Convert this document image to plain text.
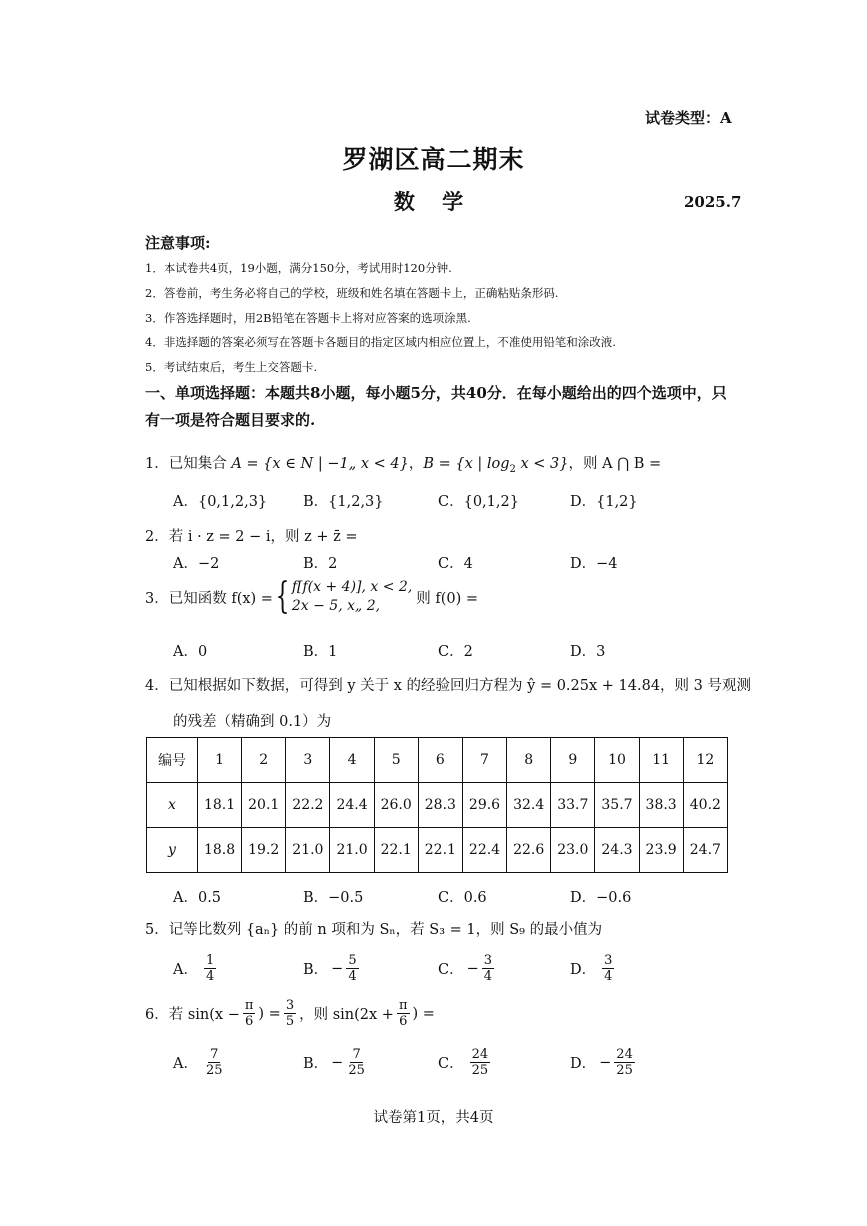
试卷类型：A
罗湖区高二期末
数 学	2025.7
注意事项:
1．本试卷共4页，19小题，满分150分，考试用时120分钟.
2．答卷前，考生务必将自己的学校，班级和姓名填在答题卡上，正确粘贴条形码.
3．作答选择题时，用2B铅笔在答题卡上将对应答案的选项涂黑.
4．非选择题的答案必须写在答题卡各题目的指定区域内相应位置上，不准使用铅笔和涂改液.
5．考试结束后，考生上交答题卡.
一、单项选择题：本题共8小题，每小题5分，共40分．在每小题给出的四个选项中，只
有一项是符合题目要求的.
1．已知集合 A = {x ∈ N | −1„ x < 4}，B = {x | $\log_2 x < 3$}，则 A ⋂ B =
A．{0,1,2,3} B．{1,2,3}	C．{0,1,2}	D．{1,2}
2．若 i · z = 2 − i，则 z + z̄ =
A．−2	B．2	C．4	D．−4
3．已知函数 f(x) = { f[f(x + 4)], x < 2,
2x − 5, x„ 2,	则 f(0) =
A．0	B．1	C．2	D．3
4．已知根据如下数据，可得到 y 关于 x 的经验回归方程为 ŷ = 0.25x + 14.84，则 3 号观测
的残差（精确到 0.1）为
编号	1	2	3	4	5	6	7	8	9	10	11	12
x	18.1	20.1	22.2	24.4	26.0	28.3	29.6	32.4	33.7	35.7	38.3	40.2
y	18.8	19.2	21.0	21.0	22.1	22.1	22.4	22.6	23.0	24.3	23.9	24.7
A．0.5	B．−0.5	C．0.6	D．−0.6
5．记等比数列 {aₙ} 的前 n 项和为 Sₙ，若 S₃ = 1，则 S₉ 的最小值为
A． $\frac{1}{4}$	B． − $\frac{5}{4}$	C． − $\frac{3}{4}$	D． $\frac{3}{4}$
6．若 $\sin(x - \frac{\pi}{6}$ ) = $\frac{3}{5}$ ，则 $\sin(2x + \frac{\pi}{6}$ ) =
A． $\frac{7}{25}$	B． − $\frac{7}{25}$	C． $\frac{24}{25}$	D． − $\frac{24}{25}$
试卷第1页，共4页
